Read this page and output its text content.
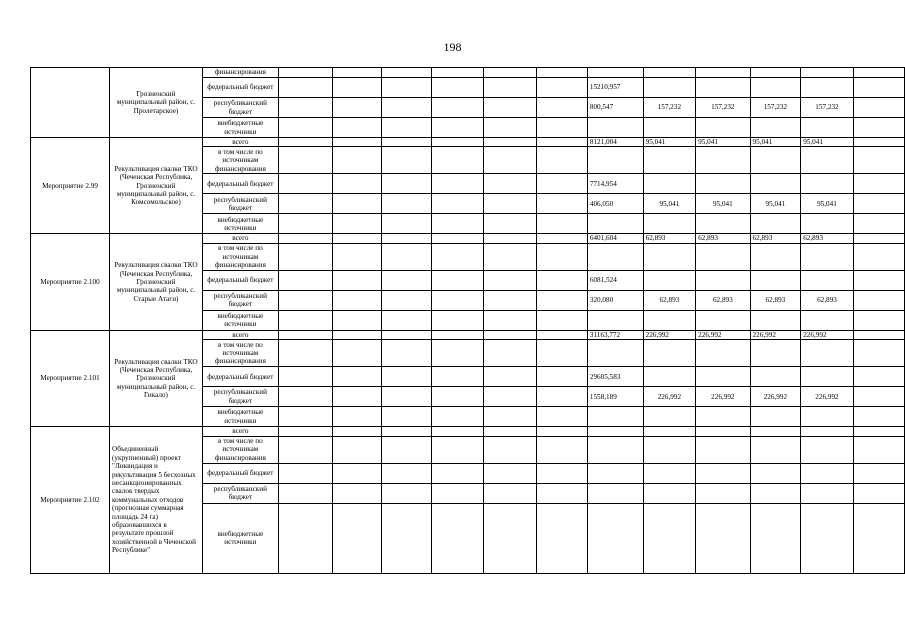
198
	Грозненский муниципальный район, с. Пролетарское)	финансирования												
		федеральный бюджет							15210,957					
		республиканский бюджет							800,547	157,232	157,232	157,232	157,232	
		внебюджетные источники												
Мероприятие 2.99	Рекультивация свалки ТКО (Чеченская Республика, Грозненский муниципальный район, с. Комсомольское)	всего							8121,004	95,041	95,041	95,041	95,041	
		в том числе по источникам финансирования												
		федеральный бюджет							7714,954					
		республиканский бюджет							406,050	95,041	95,041	95,041	95,041	
		внебюджетные источники												
Мероприятие 2.100	Рекультивация свалки ТКО (Чеченская Республика, Грозненский муниципальный район, с. Старые Атаги)	всего							6401,604	62,893	62,893	62,893	62,893	
		в том числе по источникам финансирования												
		федеральный бюджет							6081,524					
		республиканский бюджет							320,080	62,893	62,893	62,893	62,893	
		внебюджетные источники												
Мероприятие 2.101	Рекультивация свалки ТКО (Чеченская Республика, Грозненский муниципальный район, с. Гикало)	всего							31163,772	226,992	226,992	226,992	226,992	
		в том числе по источникам финансирования												
		федеральный бюджет							29605,583					
		республиканский бюджет							1558,189	226,992	226,992	226,992	226,992	
		внебюджетные источники												
Мероприятие 2.102	Объединенный (укрупненный) проект "Ликвидация и рекультивация 5 бесхозных несанкционированных свалок твердых коммунальных отходов (прогнозная суммарная площадь 24 га) образовавшихся в результате прошлой хозяйственной в Чеченской Республике"	всего												
		в том числе по источникам финансирования												
		федеральный бюджет												
		республиканский бюджет												
		внебюджетные источники												
